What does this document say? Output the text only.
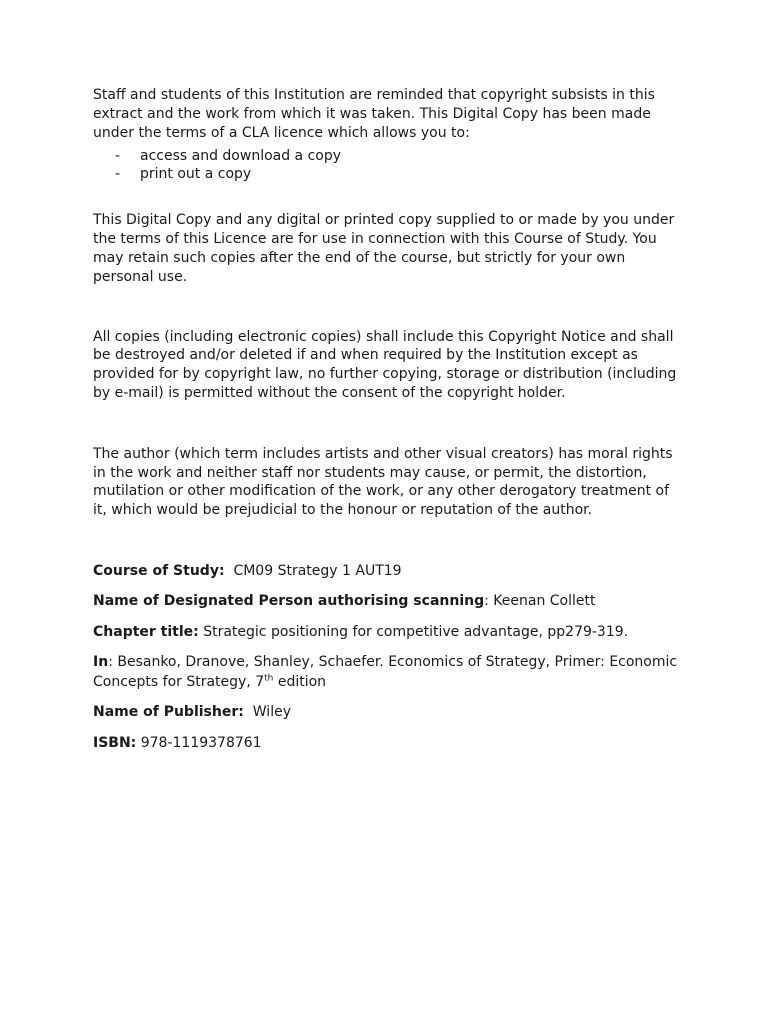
Staff and students of this Institution are reminded that copyright subsists in this extract and the work from which it was taken. This Digital Copy has been made under the terms of a CLA licence which allows you to:

-	access and download a copy
-	print out a copy

This Digital Copy and any digital or printed copy supplied to or made by you under the terms of this Licence are for use in connection with this Course of Study. You may retain such copies after the end of the course, but strictly for your own personal use.

All copies (including electronic copies) shall include this Copyright Notice and shall be destroyed and/or deleted if and when required by the Institution except as provided for by copyright law, no further copying, storage or distribution (including by e-mail) is permitted without the consent of the copyright holder.

The author (which term includes artists and other visual creators) has moral rights in the work and neither staff nor students may cause, or permit, the distortion, mutilation or other modification of the work, or any other derogatory treatment of it, which would be prejudicial to the honour or reputation of the author.

Course of Study: CM09 Strategy 1 AUT19

Name of Designated Person authorising scanning: Keenan Collett

Chapter title: Strategic positioning for competitive advantage, pp279-319.

In: Besanko, Dranove, Shanley, Schaefer. Economics of Strategy, Primer: Economic Concepts for Strategy, 7th edition

Name of Publisher: Wiley

ISBN: 978-1119378761
